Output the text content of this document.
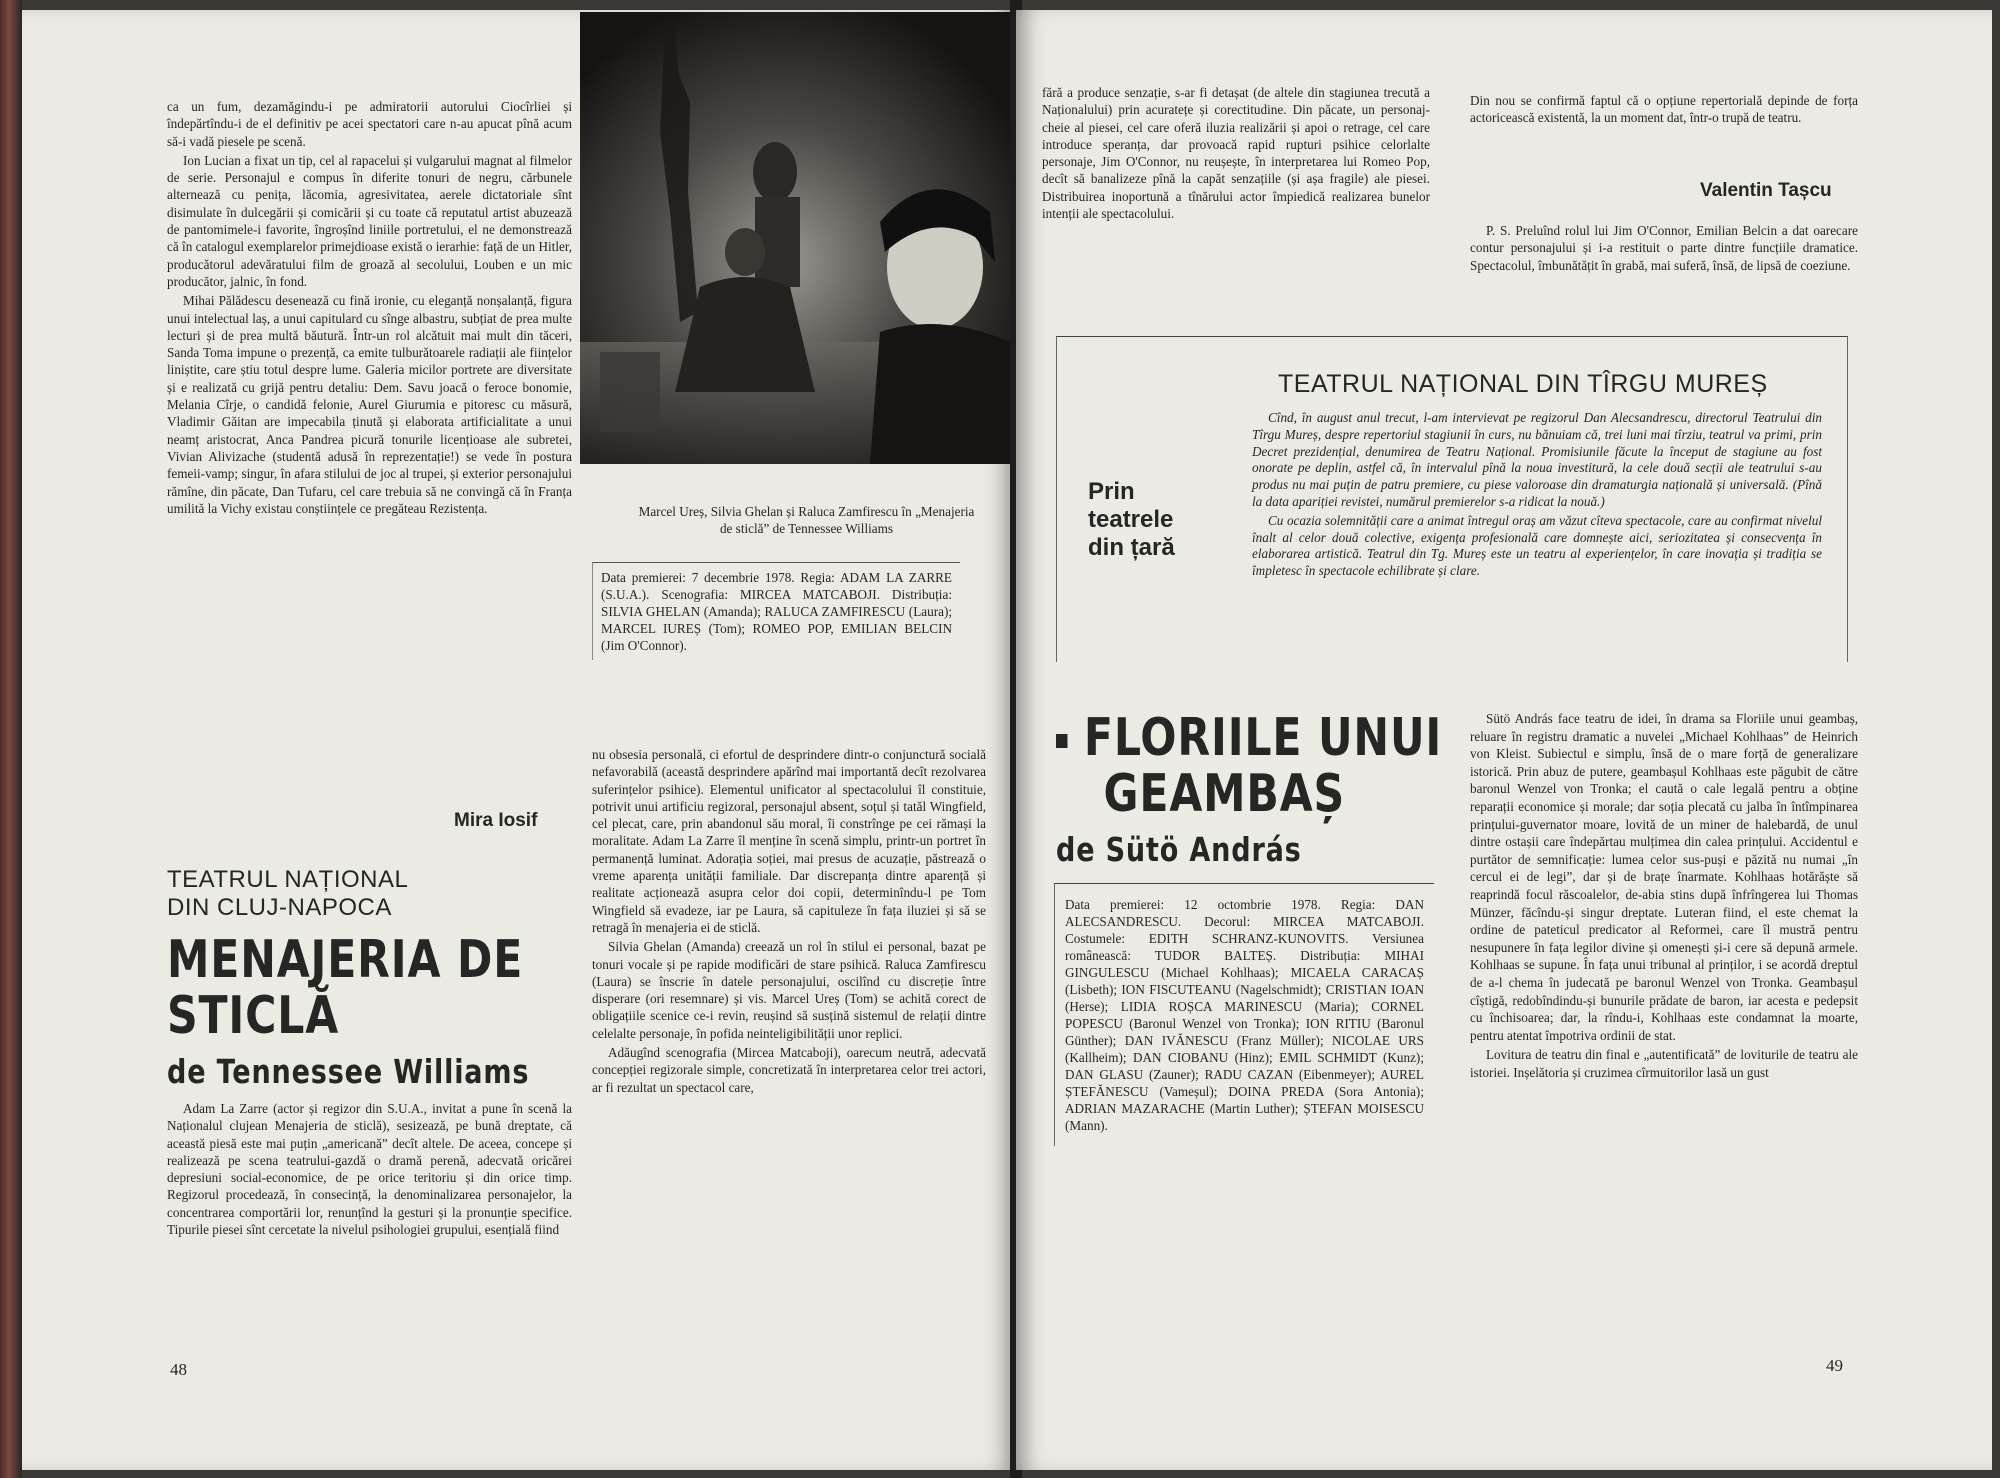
ca un fum, dezamăgindu-i pe admiratorii autorului Ciocîrliei și îndepărtîndu-i de el definitiv pe acei spectatori care n-au apucat pînă acum să-i vadă piesele pe scenă.

Ion Lucian a fixat un tip, cel al rapacelui și vulgarului magnat al filmelor de serie. Personajul e compus în diferite tonuri de negru, cărbunele alternează cu penița, lăcomia, agresivitatea, aerele dictatoriale sînt disimulate în dulcegării și comicării și cu toate că reputatul artist abuzează de pantomimele-i favorite, îngroșînd liniile portretului, el ne demonstrează că în catalogul exemplarelor primejdioase există o ierarhie: față de un Hitler, producătorul adevăratului film de groază al secolului, Louben e un mic producător, jalnic, în fond.

Mihai Pălădescu desenează cu fină ironie, cu eleganță nonșalanță, figura unui intelectual laș, a unui capitulard cu sînge albastru, subțiat de prea multe lecturi și de prea multă băutură. Într-un rol alcătuit mai mult din tăceri, Sanda Toma impune o prezență, ca emite tulburătoarele radiații ale ființelor liniștite, care știu totul despre lume. Galeria micilor portrete are diversitate și e realizată cu grijă pentru detaliu: Dem. Savu joacă o feroce bonomie, Melania Cîrje, o candidă felonie, Aurel Giurumia e pitoresc cu măsură, Vladimir Găitan are impecabila ținută și elaborata artificialitate a unui neamț aristocrat, Anca Pandrea picură tonurile licențioase ale subretei, Vivian Alivizache (studentă adusă în reprezentație!) se vede în postura femeii-vamp; singur, în afara stilului de joc al trupei, și exterior personajului rămîne, din păcate, Dan Tufaru, cel care trebuia să ne convingă că în Franța umilită la Vichy existau conștiințele ce pregăteau Rezistența.

Mira Iosif
TEATRUL NAȚIONAL
DIN CLUJ-NAPOCA
MENAJERIA DE
STICLĂ
de Tennessee Williams

Adam La Zarre (actor și regizor din S.U.A., invitat a pune în scenă la Naționalul clujean Menajeria de sticlă), sesizează, pe bună dreptate, că această piesă este mai puțin „americană” decît altele. De aceea, concepe și realizează pe scena teatrului-gazdă o dramă perenă, adecvată oricărei depresiuni social-economice, de pe orice teritoriu și din orice timp. Regizorul procedează, în consecință, la denominalizarea personajelor, la concentrarea comportării lor, renunțînd la gesturi și la pronunție specifice. Tipurile piesei sînt cercetate la nivelul psihologiei grupului, esențială fiind

48
Marcel Ureș, Silvia Ghelan și Raluca Zamfirescu în „Menajeria de sticlă” de Tennessee Williams
Data premierei: 7 decembrie 1978. Regia: ADAM LA ZARRE (S.U.A.). Scenografia: MIRCEA MATCABOJI. Distribuția: SILVIA GHELAN (Amanda); RALUCA ZAMFIRESCU (Laura); MARCEL IUREȘ (Tom); ROMEO POP, EMILIAN BELCIN (Jim O'Connor).

nu obsesia personală, ci efortul de desprindere dintr-o conjunctură socială nefavorabilă (această desprindere apărînd mai importantă decît rezolvarea suferințelor psihice). Elementul unificator al spectacolului îl constituie, potrivit unui artificiu regizoral, personajul absent, soțul și tatăl Wingfield, cel plecat, care, prin abandonul său moral, îi constrînge pe cei rămași la moralitate. Adam La Zarre îl menține în scenă simplu, printr-un portret în permanență luminat. Adorația soției, mai presus de acuzație, păstrează o vreme aparența unității familiale. Dar discrepanța dintre aparență și realitate acționează asupra celor doi copii, determinîndu-l pe Tom Wingfield să evadeze, iar pe Laura, să capituleze în fața iluziei și să se retragă în menajeria ei de sticlă.

Silvia Ghelan (Amanda) creează un rol în stilul ei personal, bazat pe tonuri vocale și pe rapide modificări de stare psihică. Raluca Zamfirescu (Laura) se înscrie în datele personajului, oscilînd cu discreție între disperare (ori resemnare) și vis. Marcel Ureș (Tom) se achită corect de obligațiile scenice ce-i revin, reușind să susțină sistemul de relații dintre celelalte personaje, în pofida neinteligibilității unor replici.

Adăugînd scenografia (Mircea Matcaboji), oarecum neutră, adecvată concepției regizorale simple, concretizată în interpretarea celor trei actori, ar fi rezultat un spectacol care,

fără a produce senzație, s-ar fi detașat (de altele din stagiunea trecută a Naționalului) prin acuratețe și corectitudine. Din păcate, un personaj-cheie al piesei, cel care oferă iluzia realizării și apoi o retrage, cel care introduce speranța, dar provoacă rapid rupturi psihice celorlalte personaje, Jim O'Connor, nu reușește, în interpretarea lui Romeo Pop, decît să banalizeze pînă la capăt senzațiile (și așa fragile) ale piesei. Distribuirea inoportună a tînărului actor împiedică realizarea bunelor intenții ale spectacolului.

Din nou se confirmă faptul că o opțiune repertorială depinde de forța actoricească existentă, la un moment dat, într-o trupă de teatru.

Valentin Tașcu

P. S. Preluînd rolul lui Jim O'Connor, Emilian Belcin a dat oarecare contur personajului și i-a restituit o parte dintre funcțiile dramatice. Spectacolul, îmbunătățit în grabă, mai suferă, însă, de lipsă de coeziune.

Prin teatrele din țară
TEATRUL NAȚIONAL DIN TÎRGU MUREȘ

Cînd, în august anul trecut, l-am intervievat pe regizorul Dan Alecsandrescu, directorul Teatrului din Tîrgu Mureș, despre repertoriul stagiunii în curs, nu bănuiam că, trei luni mai tîrziu, teatrul va primi, prin Decret prezidențial, denumirea de Teatru Național. Promisiunile făcute la început de stagiune au fost onorate pe deplin, astfel că, în intervalul pînă la noua investitură, la cele două secții ale teatrului s-au produs nu mai puțin de patru premiere, cu piese valoroase din dramaturgia națională și universală. (Pînă la data apariției revistei, numărul premierelor s-a ridicat la nouă.)

Cu ocazia solemnității care a animat întregul oraș am văzut cîteva spectacole, care au confirmat nivelul înalt al celor două colective, exigența profesională care domnește aici, seriozitatea și consecvența în elaborarea artistică. Teatrul din Tg. Mureș este un teatru al experiențelor, în care inovația și tradiția se împletesc în spectacole echilibrate și clare.

FLORIILE UNUI
GEAMBAȘ
de Sütö András
Data premierei: 12 octombrie 1978. Regia: DAN ALECSANDRESCU. Decorul: MIRCEA MATCABOJI. Costumele: EDITH SCHRANZ-KUNOVITS. Versiunea românească: TUDOR BALTEȘ. Distribuția: MIHAI GINGULESCU (Michael Kohlhaas); MICAELA CARACAȘ (Lisbeth); ION FISCUTEANU (Nagelschmidt); CRISTIAN IOAN (Herse); LIDIA ROȘCA MARINESCU (Maria); CORNEL POPESCU (Baronul Wenzel von Tronka); ION RITIU (Baronul Günther); DAN IVĂNESCU (Franz Müller); NICOLAE URS (Kallheim); DAN CIOBANU (Hinz); EMIL SCHMIDT (Kunz); DAN GLASU (Zauner); RADU CAZAN (Eibenmeyer); AUREL ȘTEFĂNESCU (Vameșul); DOINA PREDA (Sora Antonia); ADRIAN MAZARACHE (Martin Luther); ȘTEFAN MOISESCU (Mann).

Sütö András face teatru de idei, în drama sa Floriile unui geambaș, reluare în registru dramatic a nuvelei „Michael Kohlhaas” de Heinrich von Kleist. Subiectul e simplu, însă de o mare forță de generalizare istorică. Prin abuz de putere, geambașul Kohlhaas este păgubit de către baronul Wenzel von Tronka; el caută o cale legală pentru a obține reparații economice și morale; dar soția plecată cu jalba în întîmpinarea prințului-guvernator moare, lovită de un miner de halebardă, de unul dintre ostașii care îndepărtau mulțimea din calea prințului. Accidentul e purtător de semnificație: lumea celor sus-puși e păzită nu numai „în cercul ei de legi”, dar și de brațe înarmate. Kohlhaas hotărăște să reaprindă focul răscoalelor, de-abia stins după înfrîngerea lui Thomas Münzer, făcîndu-și singur dreptate. Luteran fiind, el este chemat la ordine de pateticul predicator al Reformei, care îl mustră pentru nesupunere în fața legilor divine și omenești și-i cere să depună armele. Kohlhaas se supune. În fața unui tribunal al prinților, i se acordă dreptul de a-l chema în judecată pe baronul Wenzel von Tronka. Geambașul cîștigă, redobîndindu-și bunurile prădate de baron, iar acesta e pedepsit cu închisoarea; dar, la rîndu-i, Kohlhaas este condamnat la moarte, pentru atentat împotriva ordinii de stat.

Lovitura de teatru din final e „autentificată” de loviturile de teatru ale istoriei. Inșelătoria și cruzimea cîrmuitorilor lasă un gust

49
